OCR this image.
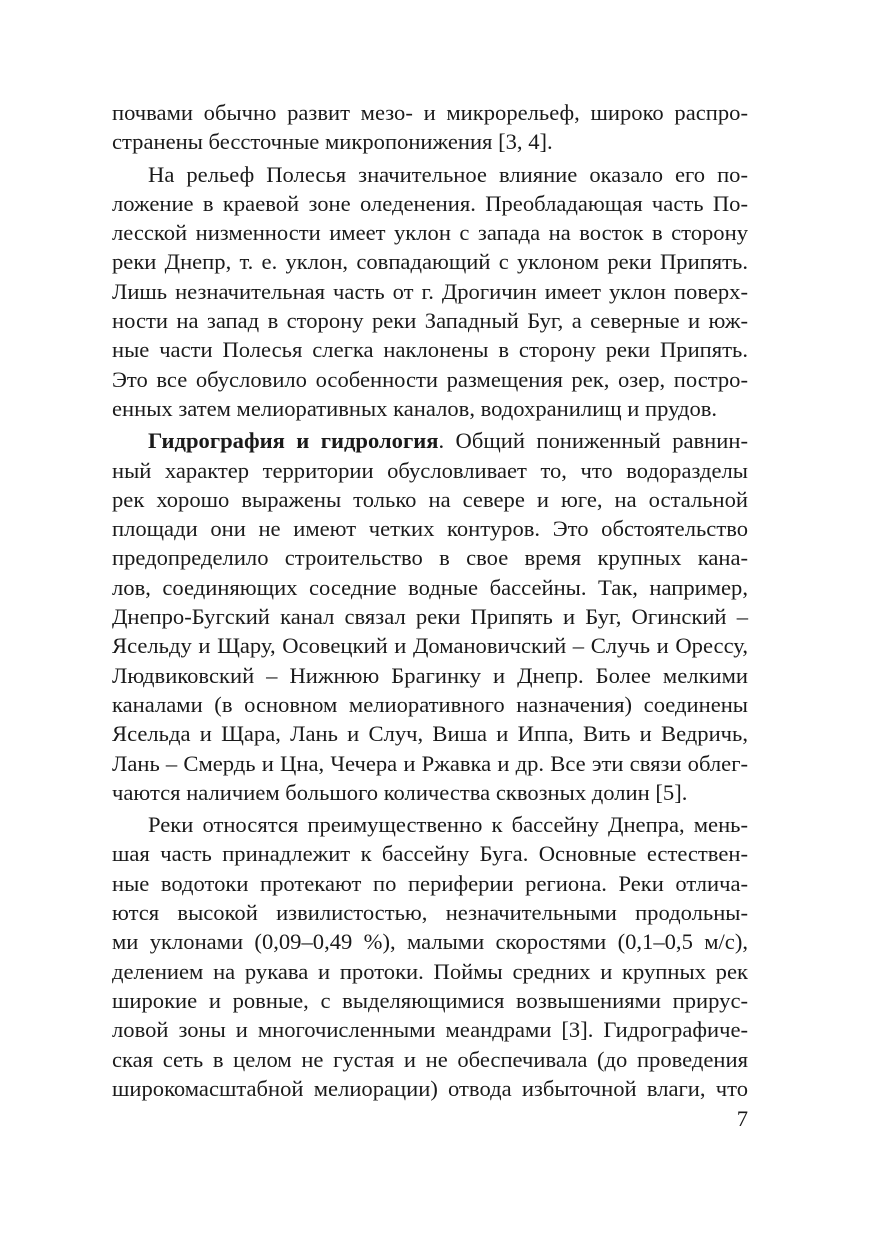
почвами обычно развит мезо- и микрорельеф, широко распро-
странены бессточные микропонижения [3, 4].
На рельеф Полесья значительное влияние оказало его по-
ложение в краевой зоне оледенения. Преобладающая часть По-
лесской низменности имеет уклон с запада на восток в сторону
реки Днепр, т. е. уклон, совпадающий с уклоном реки Припять.
Лишь незначительная часть от г. Дрогичин имеет уклон поверх-
ности на запад в сторону реки Западный Буг, а северные и юж-
ные части Полесья слегка наклонены в сторону реки Припять.
Это все обусловило особенности размещения рек, озер, постро-
енных затем мелиоративных каналов, водохранилищ и прудов.
Гидрография и гидрология. Общий пониженный равнин-
ный характер территории обусловливает то, что водоразделы
рек хорошо выражены только на севере и юге, на остальной
площади они не имеют четких контуров. Это обстоятельство
предопределило строительство в свое время крупных кана-
лов, соединяющих соседние водные бассейны. Так, например,
Днепро-Бугский канал связал реки Припять и Буг, Огинский –
Ясельду и Щару, Осовецкий и Домановичский – Случь и Орессу,
Людвиковский – Нижнюю Брагинку и Днепр. Более мелкими
каналами (в основном мелиоративного назначения) соединены
Ясельда и Щара, Лань и Случ, Виша и Иппа, Вить и Ведричь,
Лань – Смердь и Цна, Чечера и Ржавка и др. Все эти связи облег-
чаются наличием большого количества сквозных долин [5].
Реки относятся преимущественно к бассейну Днепра, мень-
шая часть принадлежит к бассейну Буга. Основные естествен-
ные водотоки протекают по периферии региона. Реки отлича-
ются высокой извилистостью, незначительными продольны-
ми уклонами (0,09–0,49 %), малыми скоростями (0,1–0,5 м/с),
делением на рукава и протоки. Поймы средних и крупных рек
широкие и ровные, с выделяющимися возвышениями прирус-
ловой зоны и многочисленными меандрами [3]. Гидрографиче-
ская сеть в целом не густая и не обеспечивала (до проведения
широкомасштабной мелиорации) отвода избыточной влаги, что
7
